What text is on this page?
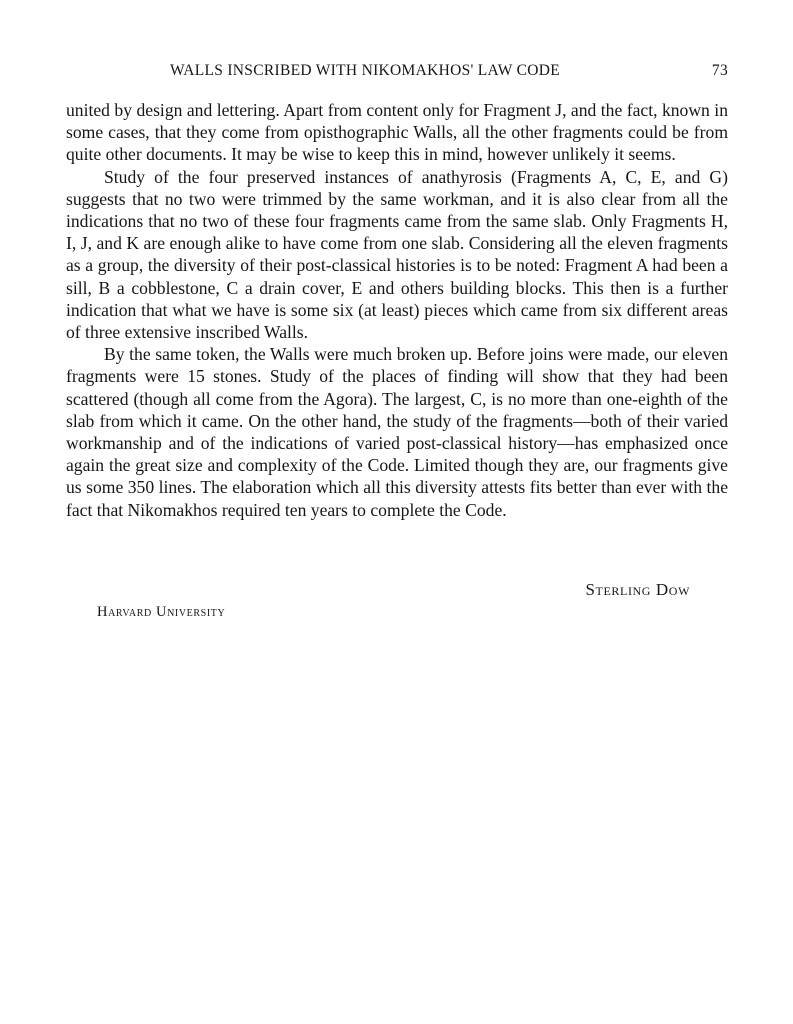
WALLS INSCRIBED WITH NIKOMAKHOS' LAW CODE	73

united by design and lettering. Apart from content only for Fragment J, and the fact, known in some cases, that they come from opisthographic Walls, all the other fragments could be from quite other documents. It may be wise to keep this in mind, however unlikely it seems.

Study of the four preserved instances of anathyrosis (Fragments A, C, E, and G) suggests that no two were trimmed by the same workman, and it is also clear from all the indications that no two of these four fragments came from the same slab. Only Fragments H, I, J, and K are enough alike to have come from one slab. Considering all the eleven fragments as a group, the diversity of their post-classical histories is to be noted: Fragment A had been a sill, B a cobblestone, C a drain cover, E and others building blocks. This then is a further indication that what we have is some six (at least) pieces which came from six different areas of three extensive inscribed Walls.

By the same token, the Walls were much broken up. Before joins were made, our eleven fragments were 15 stones. Study of the places of finding will show that they had been scattered (though all come from the Agora). The largest, C, is no more than one-eighth of the slab from which it came. On the other hand, the study of the fragments—both of their varied workmanship and of the indications of varied post-classical history—has emphasized once again the great size and complexity of the Code. Limited though they are, our fragments give us some 350 lines. The elaboration which all this diversity attests fits better than ever with the fact that Nikomakhos required ten years to complete the Code.

Sterling Dow
Harvard University
